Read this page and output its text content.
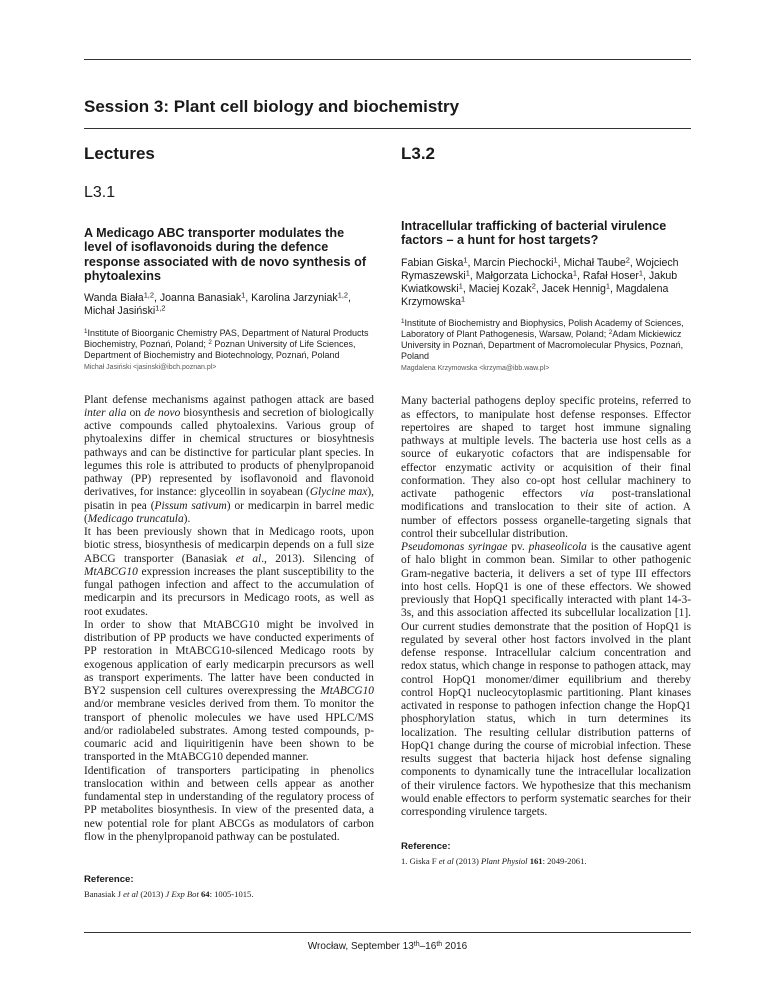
Session 3: Plant cell biology and biochemistry
Lectures
L3.1
A Medicago ABC transporter modulates the level of isoflavonoids during the defence response associated with de novo synthesis of phytoalexins
Wanda Biała$^{1,2}$, Joanna Banasiak$^1$, Karolina Jarzyniak$^{1,2}$, Michał Jasiński$^{1,2}$
$^1$Institute of Bioorganic Chemistry PAS, Department of Natural Products Biochemistry, Poznań, Poland; $^2$ Poznan University of Life Sciences, Department of Biochemistry and Biotechnology, Poznań, Poland
Michał Jasiński <jasinski@ibch.poznan.pl>

Plant defense mechanisms against pathogen attack are based inter alia on de novo biosynthesis and secretion of biologically active compounds called phytoalexins. Various group of phytoalexins differ in chemical structures or biosyhtnesis pathways and can be distinctive for particular plant species. In legumes this role is attributed to products of phenylpropanoid pathway (PP) represented by isoflavonoid and flavonoid derivatives, for instance: glyceollin in soyabean (Glycine max), pisatin in pea (Pissum sativum) or medicarpin in barrel medic (Medicago truncatula).

It has been previously shown that in Medicago roots, upon biotic stress, biosynthesis of medicarpin depends on a full size ABCG transporter (Banasiak et al., 2013). Silencing of MtABCG10 expression increases the plant susceptibility to the fungal pathogen infection and affect to the accumulation of medicarpin and its precursors in Medicago roots, as well as root exudates.

In order to show that MtABCG10 might be involved in distribution of PP products we have conducted experiments of PP restoration in MtABCG10-silenced Medicago roots by exogenous application of early medicarpin precursors as well as transport experiments. The latter have been conducted in BY2 suspension cell cultures overexpressing the MtABCG10 and/or membrane vesicles derived from them. To monitor the transport of phenolic molecules we have used HPLC/MS and/or radiolabeled substrates. Among tested compounds, p-coumaric acid and liquiritigenin have been shown to be transported in the MtABCG10 depended manner.

Identification of transporters participating in phenolics translocation within and between cells appear as another fundamental step in understanding of the regulatory process of PP metabolites biosynthesis. In view of the presented data, a new potential role for plant ABCGs as modulators of carbon flow in the phenylpropanoid pathway can be postulated.

Reference:
Banasiak J et al (2013) J Exp Bot 64: 1005-1015.
L3.2
Intracellular trafficking of bacterial virulence factors – a hunt for host targets?
Fabian Giska$^1$, Marcin Piechocki$^1$, Michał Taube$^2$, Wojciech Rymaszewski$^1$, Małgorzata Lichocka$^1$, Rafał Hoser$^1$, Jakub Kwiatkowski$^1$, Maciej Kozak$^2$, Jacek Hennig$^1$, Magdalena Krzymowska$^1$
$^1$Institute of Biochemistry and Biophysics, Polish Academy of Sciences, Laboratory of Plant Pathogenesis, Warsaw, Poland; $^2$Adam Mickiewicz University in Poznań, Department of Macromolecular Physics, Poznań, Poland
Magdalena Krzymowska <krzyma@ibb.waw.pl>

Many bacterial pathogens deploy specific proteins, referred to as effectors, to manipulate host defense responses. Effector repertoires are shaped to target host immune signaling pathways at multiple levels. The bacteria use host cells as a source of eukaryotic cofactors that are indispensable for effector enzymatic activity or acquisition of their final conformation. They also co-opt host cellular machinery to activate pathogenic effectors via post-translational modifications and translocation to their site of action. A number of effectors possess organelle-targeting signals that control their subcellular distribution.

Pseudomonas syringae pv. phaseolicola is the causative agent of halo blight in common bean. Similar to other pathogenic Gram-negative bacteria, it delivers a set of type III effectors into host cells. HopQ1 is one of these effectors. We showed previously that HopQ1 specifically interacted with plant 14-3-3s, and this association affected its subcellular localization [1]. Our current studies demonstrate that the position of HopQ1 is regulated by several other host factors involved in the plant defense response. Intracellular calcium concentration and redox status, which change in response to pathogen attack, may control HopQ1 monomer/dimer equilibrium and thereby control HopQ1 nucleocytoplasmic partitioning. Plant kinases activated in response to pathogen infection change the HopQ1 phosphorylation status, which in turn determines its localization. The resulting cellular distribution patterns of HopQ1 change during the course of microbial infection. These results suggest that bacteria hijack host defense signaling components to dynamically tune the intracellular localization of their virulence factors. We hypothesize that this mechanism would enable effectors to perform systematic searches for their corresponding virulence targets.

Reference:
1. Giska F et al (2013) Plant Physiol 161: 2049-2061.
Wrocław, September 13th–16th 2016
